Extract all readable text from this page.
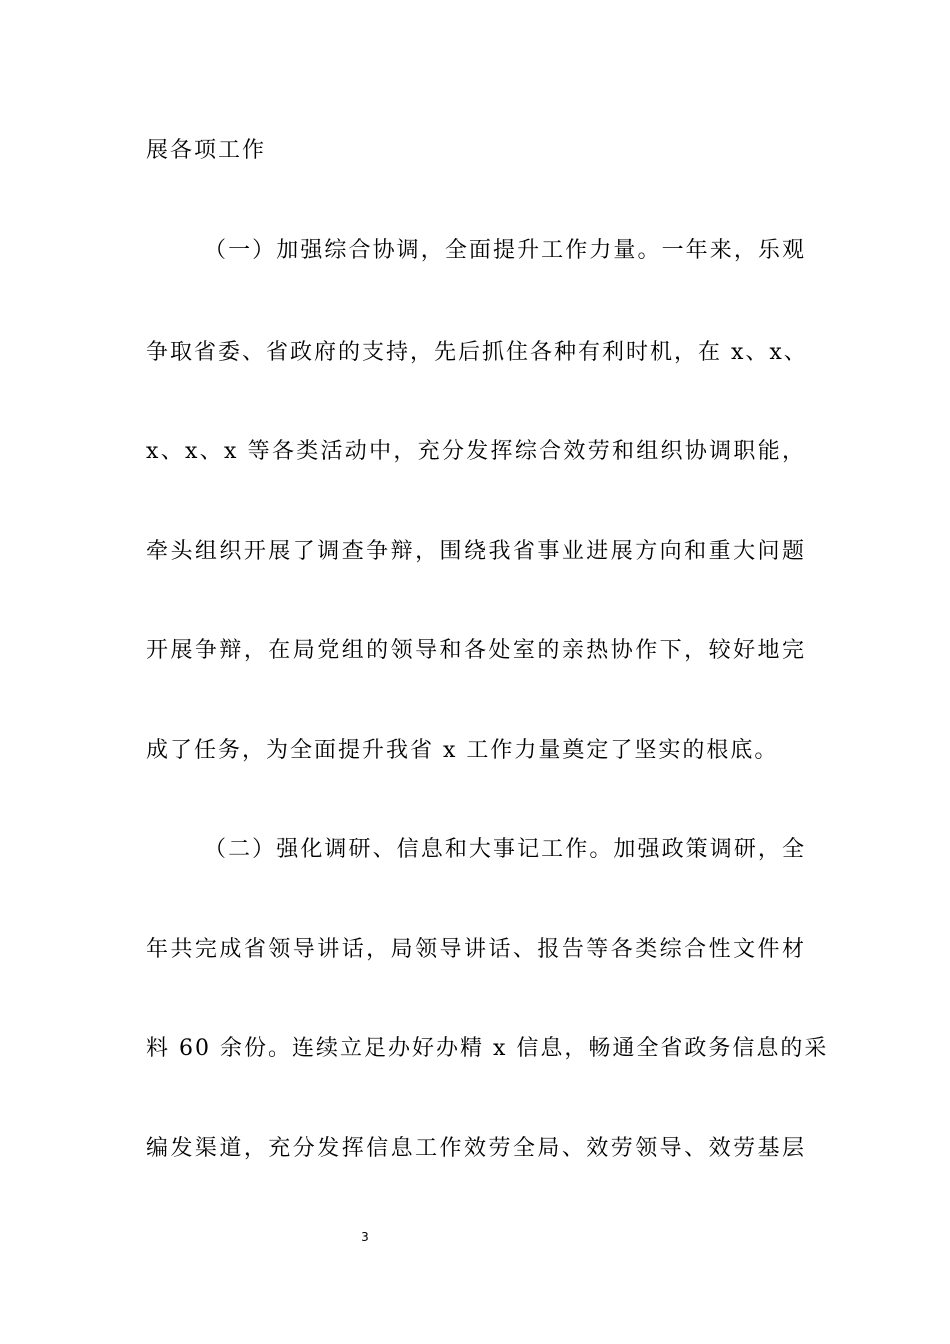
展各项工作
（一）加强综合协调，全面提升工作力量。一年来，乐观
争取省委、省政府的支持，先后抓住各种有利时机，在 x、x、
x、x、x 等各类活动中，充分发挥综合效劳和组织协调职能，
牵头组织开展了调查争辩，围绕我省事业进展方向和重大问题
开展争辩，在局党组的领导和各处室的亲热协作下，较好地完
成了任务，为全面提升我省 x 工作力量奠定了坚实的根底。
（二）强化调研、信息和大事记工作。加强政策调研，全
年共完成省领导讲话，局领导讲话、报告等各类综合性文件材
料 60 余份。连续立足办好办精 x 信息，畅通全省政务信息的采
编发渠道，充分发挥信息工作效劳全局、效劳领导、效劳基层
3
